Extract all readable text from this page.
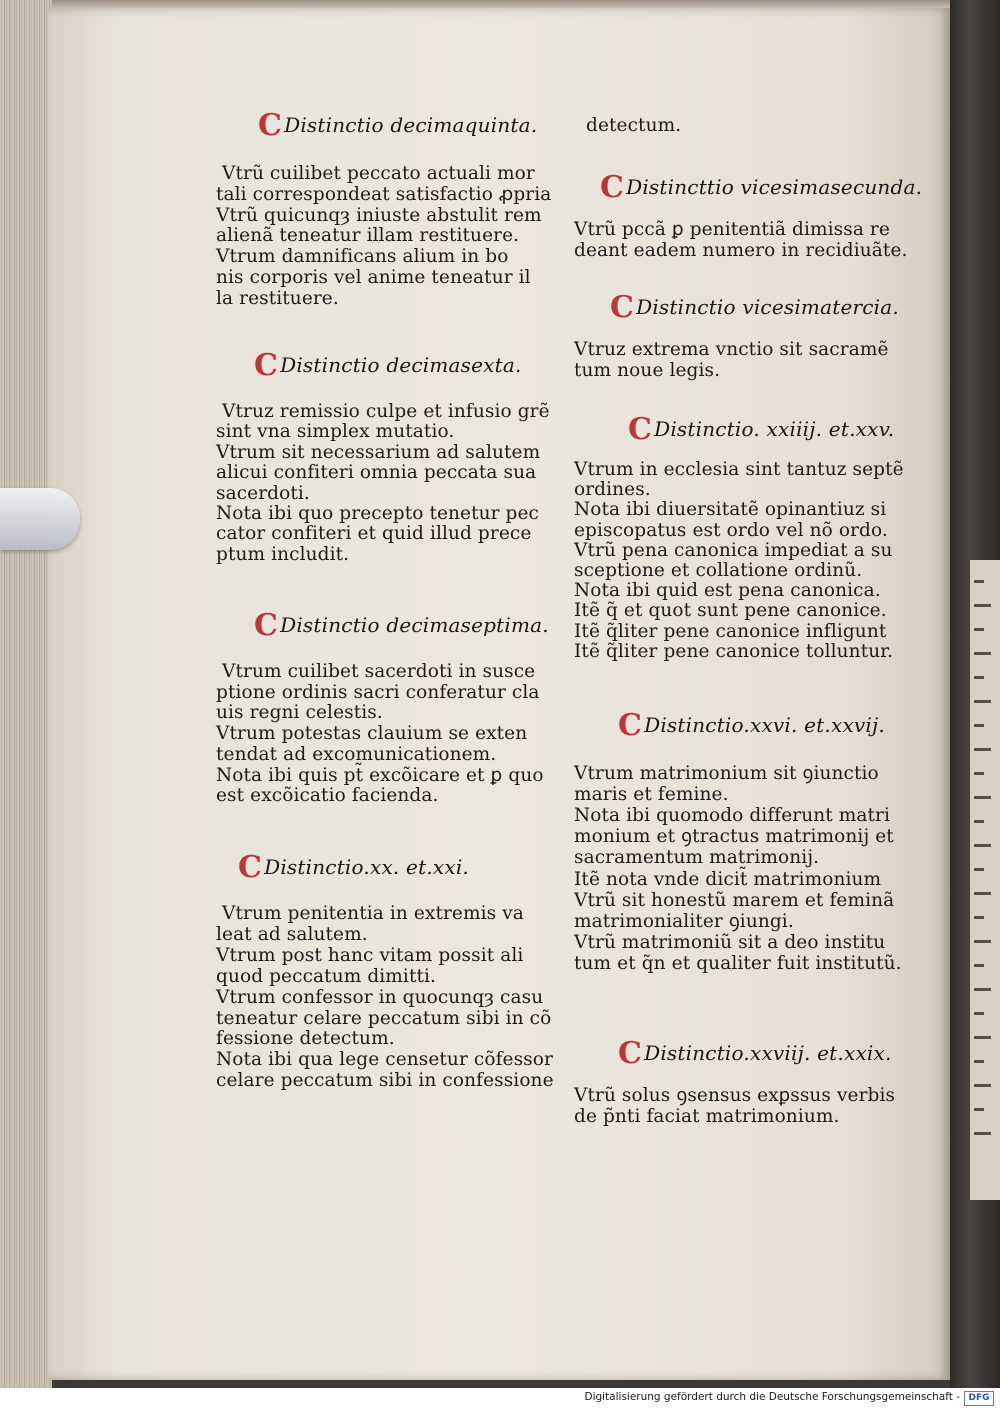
C Distinctio decimaquinta.

Vtrũ cuilibet peccato actuali mor

tali correspondeat satisfactio ꝓpria

Vtrũ quicunqȝ iniuste abstulit rem

alienã teneatur illam restituere.

Vtrum damnificans alium in bo

nis corporis vel anime teneatur il

la restituere.

C Distinctio decimasexta.

Vtruz remissio culpe et infusio grẽ

sint vna simplex mutatio.

Vtrum sit necessarium ad salutem

alicui confiteri omnia peccata sua

sacerdoti.

Nota ibi quo precepto tenetur pec

cator confiteri et quid illud prece

ptum includit.

C Distinctio decimaseptima.

Vtrum cuilibet sacerdoti in susce

ptione ordinis sacri conferatur cla

uis regni celestis.

Vtrum potestas clauium se exten

tendat ad excomunicationem.

Nota ibi quis pt̃ excõicare et ꝑ quo

est excõicatio facienda.

C Distinctio.xx. et.xxi.

Vtrum penitentia in extremis va

leat ad salutem.

Vtrum post hanc vitam possit ali

quod peccatum dimitti.

Vtrum confessor in quocunqȝ casu

teneatur celare peccatum sibi in cõ

fessione detectum.

Nota ibi qua lege censetur cõfessor

celare peccatum sibi in confessione

detectum.

C Distincttio vicesimasecunda.

Vtrũ pccã ꝑ penitentiã dimissa re

deant eadem numero in recidiuãte.

C Distinctio vicesimatercia.

Vtruz extrema vnctio sit sacramẽ

tum noue legis.

C Distinctio. xxiiij. et.xxv.

Vtrum in ecclesia sint tantuz septẽ

ordines.

Nota ibi diuersitatẽ opinantiuz si

episcopatus est ordo vel nõ ordo.

Vtrũ pena canonica impediat a su

sceptione et collatione ordinũ.

Nota ibi quid est pena canonica.

Itẽ q̃ et quot sunt pene canonice.

Itẽ q̃liter pene canonice infligunt

Itẽ q̃liter pene canonice tolluntur.

C Distinctio.xxvi. et.xxvij.

Vtrum matrimonium sit ꝯiunctio

maris et femine.

Nota ibi quomodo differunt matri

monium et ꝯtractus matrimonij et

sacramentum matrimonij.

Itẽ nota vnde dicit̃ matrimonium

Vtrũ sit honestũ marem et feminã

matrimonialiter ꝯiungi.

Vtrũ matrimoniũ sit a deo institu

tum et q̃n et qualiter fuit institutũ.

C Distinctio.xxviij. et.xxix.

Vtrũ solus ꝯsensus exꝑssus verbis

de p̃nti faciat matrimonium.

Digitalisierung gefördert durch die Deutsche Forschungsgemeinschaft - DFG
